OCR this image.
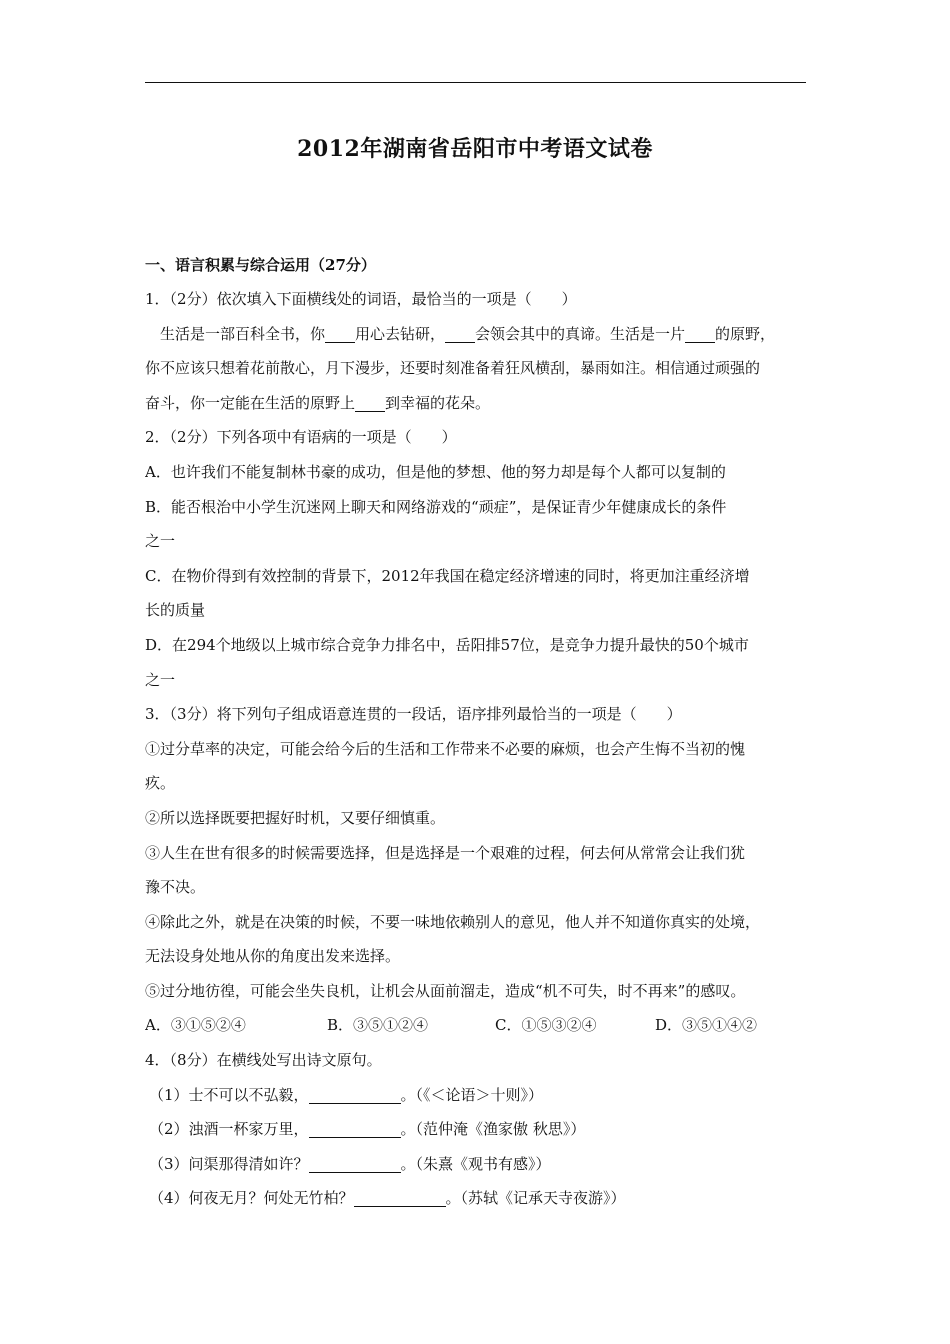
2012年湖南省岳阳市中考语文试卷
一、语言积累与综合运用（27分）
1．（2分）依次填入下面横线处的词语，最恰当的一项是（　　）
生活是一部百科全书，你 用心去钻研， 会领会其中的真谛。生活是一片 的原野，
你不应该只想着花前散心，月下漫步，还要时刻准备着狂风横刮，暴雨如注。相信通过顽强的
奋斗，你一定能在生活的原野上 到幸福的花朵。
2．（2分）下列各项中有语病的一项是（　　）
A．也许我们不能复制林书豪的成功，但是他的梦想、他的努力却是每个人都可以复制的
B．能否根治中小学生沉迷网上聊天和网络游戏的“顽症”，是保证青少年健康成长的条件
之一
C．在物价得到有效控制的背景下，2012年我国在稳定经济增速的同时，将更加注重经济增
长的质量
D．在294个地级以上城市综合竞争力排名中，岳阳排57位，是竞争力提升最快的50个城市
之一
3．（3分）将下列句子组成语意连贯的一段话，语序排列最恰当的一项是（　　）
①过分草率的决定，可能会给今后的生活和工作带来不必要的麻烦，也会产生悔不当初的愧
疚。
②所以选择既要把握好时机，又要仔细慎重。
③人生在世有很多的时候需要选择，但是选择是一个艰难的过程，何去何从常常会让我们犹
豫不决。
④除此之外，就是在决策的时候，不要一味地依赖别人的意见，他人并不知道你真实的处境，
无法设身处地从你的角度出发来选择。
⑤过分地彷徨，可能会坐失良机，让机会从面前溜走，造成“机不可失，时不再来”的感叹。
A．③①⑤②④	B．③⑤①②④	C．①⑤③②④	D．③⑤①④②
4．（8分）在横线处写出诗文原句。
（1）士不可以不弘毅，	。（《＜论语＞十则》）
（2）浊酒一杯家万里，	。（范仲淹《渔家傲 秋思》）
（3）问渠那得清如许？	。（朱熹《观书有感》）
（4）何夜无月？何处无竹柏？	。（苏轼《记承天寺夜游》）
